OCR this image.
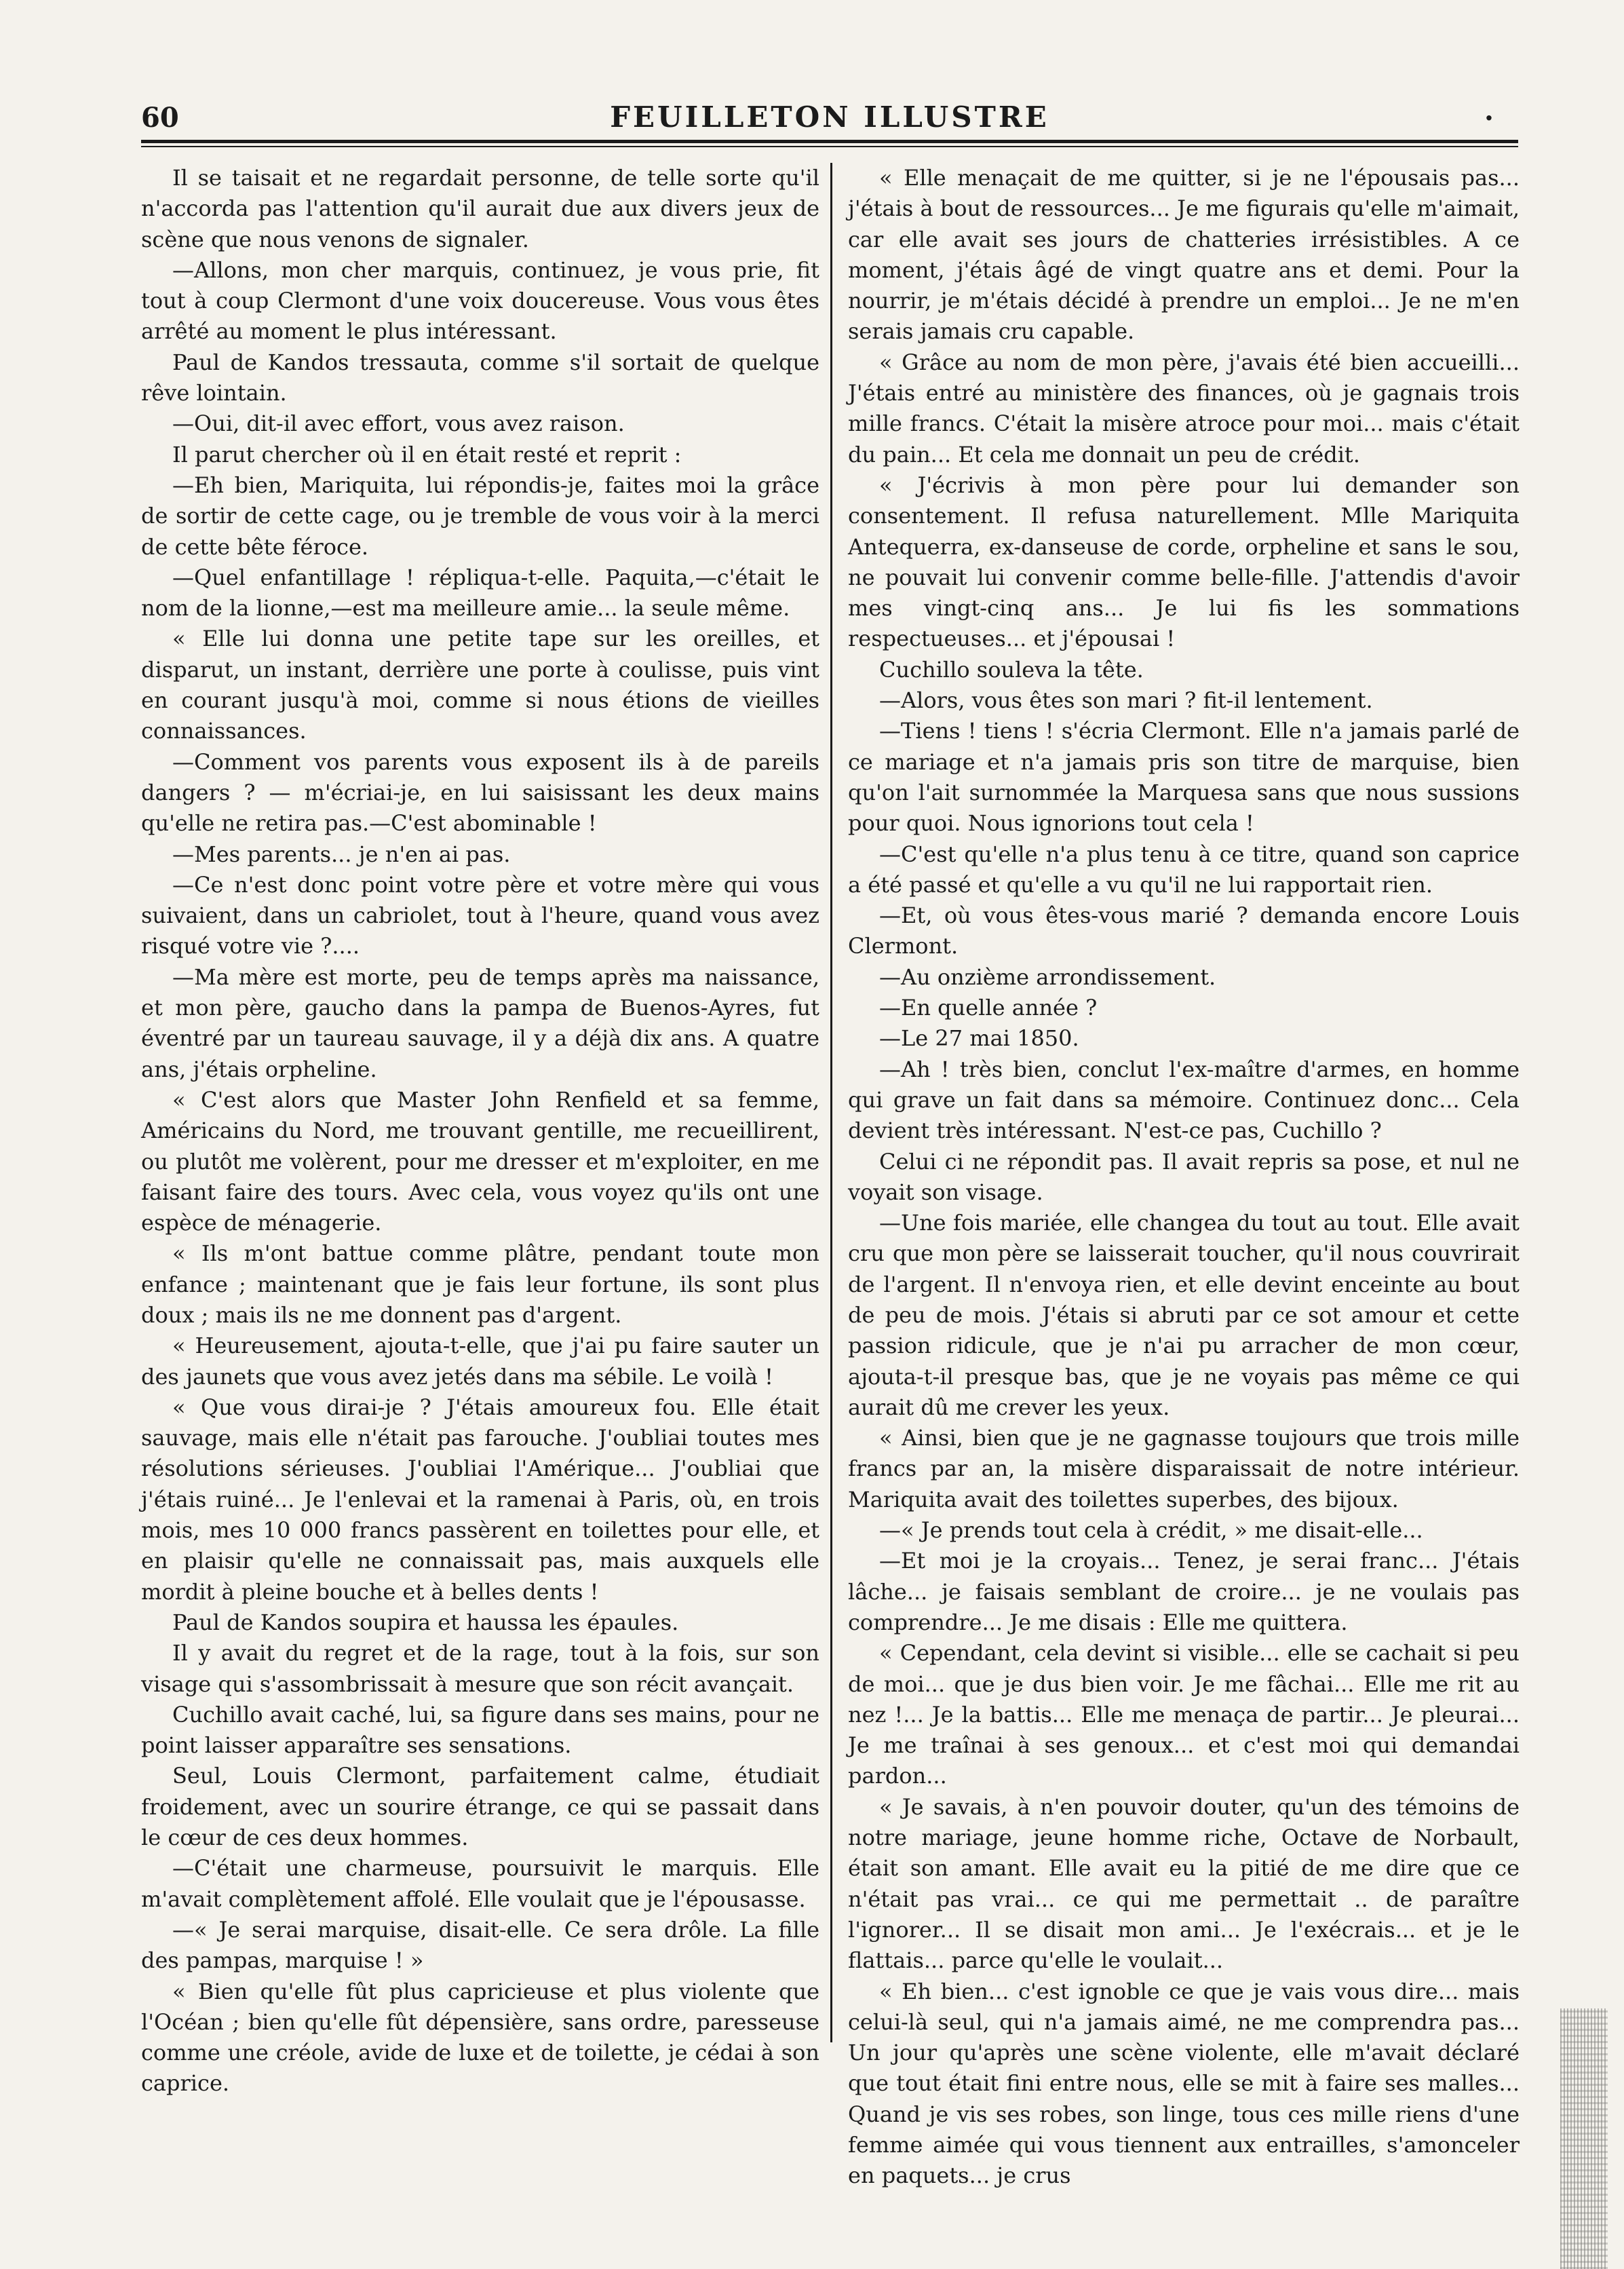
60	FEUILLETON ILLUSTRE	.

Il se taisait et ne regardait personne, de telle sorte qu'il n'accorda pas l'attention qu'il aurait due aux divers jeux de scène que nous venons de signaler.

—Allons, mon cher marquis, continuez, je vous prie, fit tout à coup Clermont d'une voix doucereuse. Vous vous êtes arrêté au moment le plus intéressant.

Paul de Kandos tressauta, comme s'il sortait de quelque rêve lointain.

—Oui, dit-il avec effort, vous avez raison.

Il parut chercher où il en était resté et reprit :

—Eh bien, Mariquita, lui répondis-je, faites moi la grâce de sortir de cette cage, ou je tremble de vous voir à la merci de cette bête féroce.

—Quel enfantillage ! répliqua-t-elle. Paquita,—c'était le nom de la lionne,—est ma meilleure amie... la seule même.

« Elle lui donna une petite tape sur les oreilles, et disparut, un instant, derrière une porte à coulisse, puis vint en courant jusqu'à moi, comme si nous étions de vieilles connaissances.

—Comment vos parents vous exposent ils à de pareils dangers ? — m'écriai-je, en lui saisissant les deux mains qu'elle ne retira pas.—C'est abominable !

—Mes parents... je n'en ai pas.

—Ce n'est donc point votre père et votre mère qui vous suivaient, dans un cabriolet, tout à l'heure, quand vous avez risqué votre vie ?....

—Ma mère est morte, peu de temps après ma naissance, et mon père, gaucho dans la pampa de Buenos-Ayres, fut éventré par un taureau sauvage, il y a déjà dix ans. A quatre ans, j'étais orpheline.

« C'est alors que Master John Renfield et sa femme, Américains du Nord, me trouvant gentille, me recueillirent, ou plutôt me volèrent, pour me dresser et m'exploiter, en me faisant faire des tours. Avec cela, vous voyez qu'ils ont une espèce de ménagerie.

« Ils m'ont battue comme plâtre, pendant toute mon enfance ; maintenant que je fais leur fortune, ils sont plus doux ; mais ils ne me donnent pas d'argent.

« Heureusement, ajouta-t-elle, que j'ai pu faire sauter un des jaunets que vous avez jetés dans ma sébile. Le voilà !

« Que vous dirai-je ? J'étais amoureux fou. Elle était sauvage, mais elle n'était pas farouche. J'oubliai toutes mes résolutions sérieuses. J'oubliai l'Amérique... J'oubliai que j'étais ruiné... Je l'enlevai et la ramenai à Paris, où, en trois mois, mes 10 000 francs passèrent en toilettes pour elle, et en plaisir qu'elle ne connaissait pas, mais auxquels elle mordit à pleine bouche et à belles dents !

Paul de Kandos soupira et haussa les épaules.

Il y avait du regret et de la rage, tout à la fois, sur son visage qui s'assombrissait à mesure que son récit avançait.

Cuchillo avait caché, lui, sa figure dans ses mains, pour ne point laisser apparaître ses sensations.

Seul, Louis Clermont, parfaitement calme, étudiait froidement, avec un sourire étrange, ce qui se passait dans le cœur de ces deux hommes.

—C'était une charmeuse, poursuivit le marquis. Elle m'avait complètement affolé. Elle voulait que je l'épousasse.

—« Je serai marquise, disait-elle. Ce sera drôle. La fille des pampas, marquise ! »

« Bien qu'elle fût plus capricieuse et plus violente que l'Océan ; bien qu'elle fût dépensière, sans ordre, paresseuse comme une créole, avide de luxe et de toilette, je cédai à son caprice.

« Elle menaçait de me quitter, si je ne l'épousais pas... j'étais à bout de ressources... Je me figurais qu'elle m'aimait, car elle avait ses jours de chatteries irrésistibles. A ce moment, j'étais âgé de vingt quatre ans et demi. Pour la nourrir, je m'étais décidé à prendre un emploi... Je ne m'en serais jamais cru capable.

« Grâce au nom de mon père, j'avais été bien accueilli... J'étais entré au ministère des finances, où je gagnais trois mille francs. C'était la misère atroce pour moi... mais c'était du pain... Et cela me donnait un peu de crédit.

« J'écrivis à mon père pour lui demander son consentement. Il refusa naturellement. Mlle Mariquita Antequerra, ex-danseuse de corde, orpheline et sans le sou, ne pouvait lui convenir comme belle-fille. J'attendis d'avoir mes vingt-cinq ans... Je lui fis les sommations respectueuses... et j'épousai !

Cuchillo souleva la tête.

—Alors, vous êtes son mari ? fit-il lentement.

—Tiens ! tiens ! s'écria Clermont. Elle n'a jamais parlé de ce mariage et n'a jamais pris son titre de marquise, bien qu'on l'ait surnommée la Marquesa sans que nous sussions pour quoi. Nous ignorions tout cela !

—C'est qu'elle n'a plus tenu à ce titre, quand son caprice a été passé et qu'elle a vu qu'il ne lui rapportait rien.

—Et, où vous êtes-vous marié ? demanda encore Louis Clermont.

—Au onzième arrondissement.

—En quelle année ?

—Le 27 mai 1850.

—Ah ! très bien, conclut l'ex-maître d'armes, en homme qui grave un fait dans sa mémoire. Continuez donc... Cela devient très intéressant. N'est-ce pas, Cuchillo ?

Celui ci ne répondit pas. Il avait repris sa pose, et nul ne voyait son visage.

—Une fois mariée, elle changea du tout au tout. Elle avait cru que mon père se laisserait toucher, qu'il nous couvrirait de l'argent. Il n'envoya rien, et elle devint enceinte au bout de peu de mois. J'étais si abruti par ce sot amour et cette passion ridicule, que je n'ai pu arracher de mon cœur, ajouta-t-il presque bas, que je ne voyais pas même ce qui aurait dû me crever les yeux.

« Ainsi, bien que je ne gagnasse toujours que trois mille francs par an, la misère disparaissait de notre intérieur. Mariquita avait des toilettes superbes, des bijoux.

—« Je prends tout cela à crédit, » me disait-elle...

—Et moi je la croyais... Tenez, je serai franc... J'étais lâche... je faisais semblant de croire... je ne voulais pas comprendre... Je me disais : Elle me quittera.

« Cependant, cela devint si visible... elle se cachait si peu de moi... que je dus bien voir. Je me fâchai... Elle me rit au nez !... Je la battis... Elle me menaça de partir... Je pleurai... Je me traînai à ses genoux... et c'est moi qui demandai pardon...

« Je savais, à n'en pouvoir douter, qu'un des témoins de notre mariage, jeune homme riche, Octave de Norbault, était son amant. Elle avait eu la pitié de me dire que ce n'était pas vrai... ce qui me permettait .. de paraître l'ignorer... Il se disait mon ami... Je l'exécrais... et je le flattais... parce qu'elle le voulait...

« Eh bien... c'est ignoble ce que je vais vous dire... mais celui-là seul, qui n'a jamais aimé, ne me comprendra pas... Un jour qu'après une scène violente, elle m'avait déclaré que tout était fini entre nous, elle se mit à faire ses malles... Quand je vis ses robes, son linge, tous ces mille riens d'une femme aimée qui vous tiennent aux entrailles, s'amonceler en paquets... je crus
